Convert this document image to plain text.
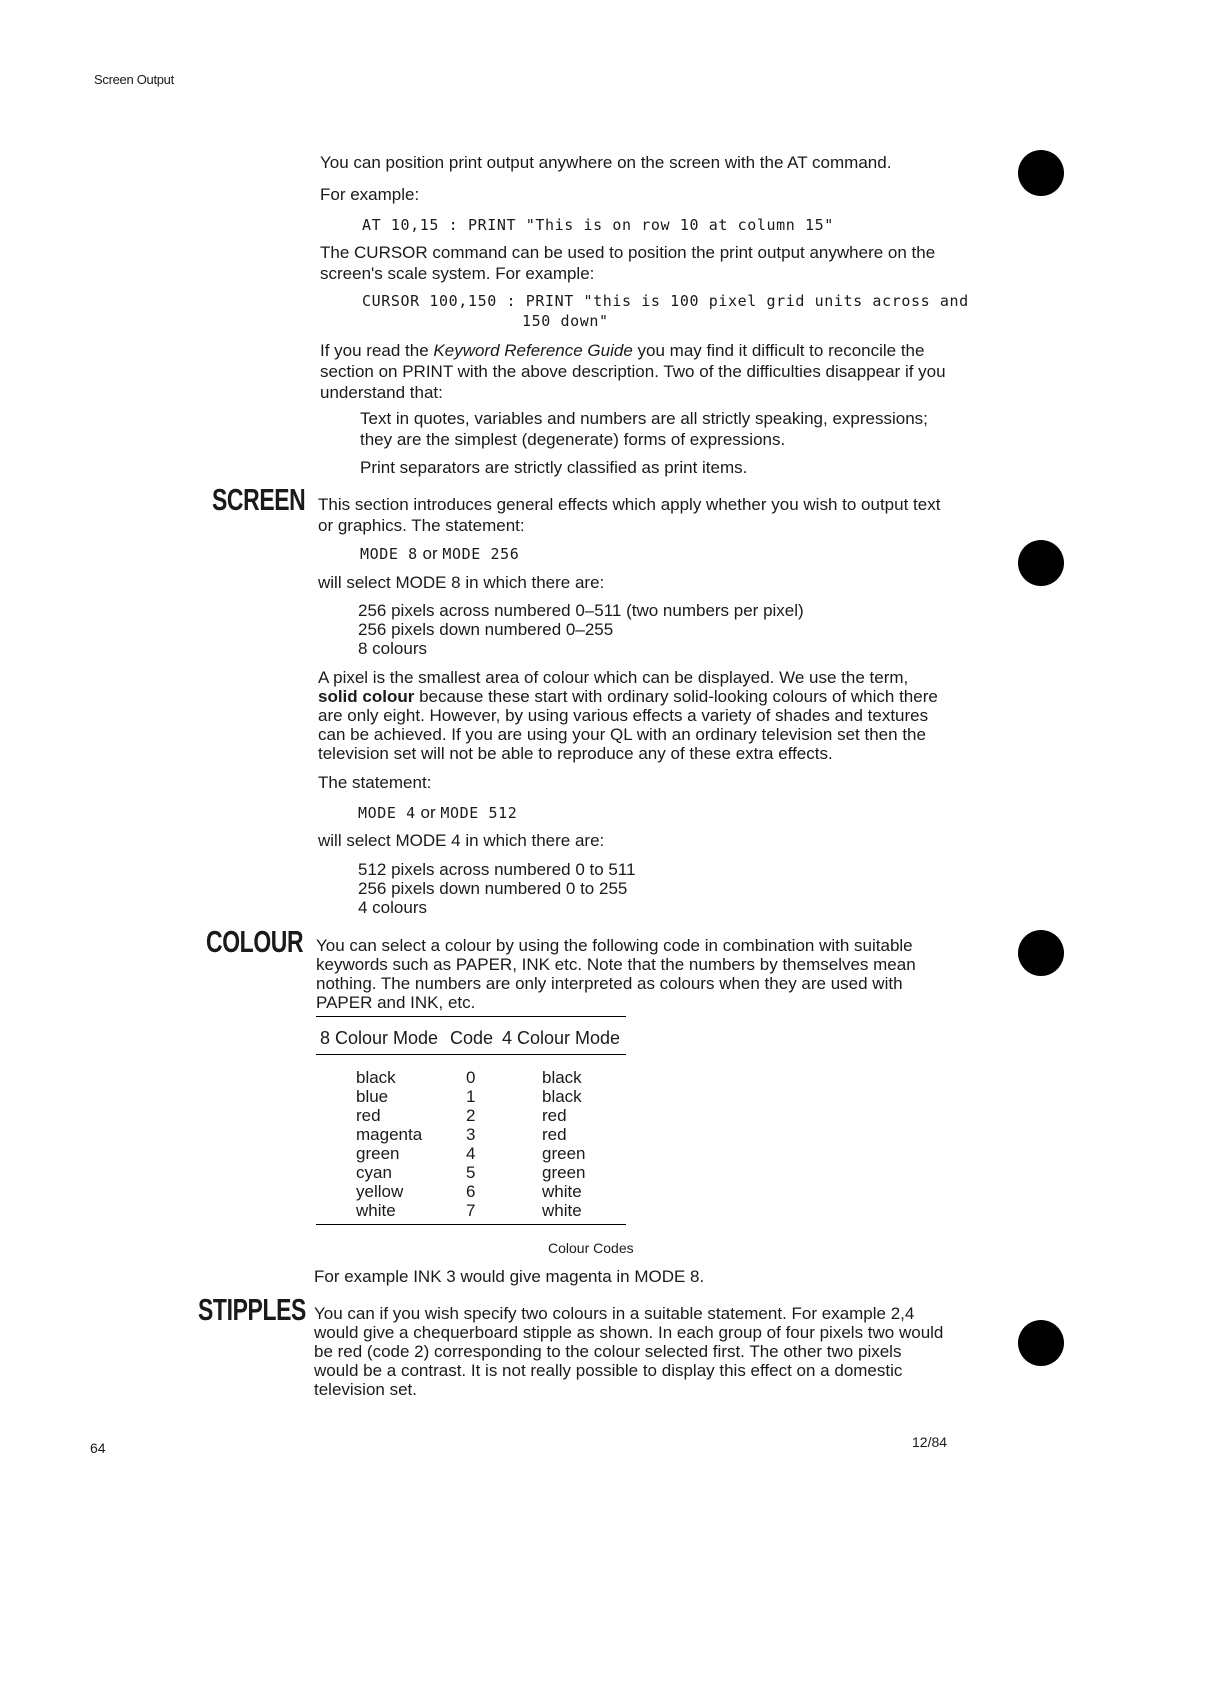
Screen Output
You can position print output anywhere on the screen with the AT command.
For example:
AT 10,15 : PRINT "This is on row 10 at column 15"
The CURSOR command can be used to position the print output anywhere on the screen's scale system. For example:
CURSOR 100,150 : PRINT "this is 100 pixel grid units across and
150 down"
If you read the Keyword Reference Guide you may find it difficult to reconcile the section on PRINT with the above description. Two of the difficulties disappear if you understand that:
Text in quotes, variables and numbers are all strictly speaking, expressions; they are the simplest (degenerate) forms of expressions.
Print separators are strictly classified as print items.
SCREEN This section introduces general effects which apply whether you wish to output text or graphics. The statement:
MODE 8 or MODE 256
will select MODE 8 in which there are:
256 pixels across numbered 0–511 (two numbers per pixel)
256 pixels down numbered 0–255
8 colours
A pixel is the smallest area of colour which can be displayed. We use the term, solid colour because these start with ordinary solid-looking colours of which there are only eight. However, by using various effects a variety of shades and textures can be achieved. If you are using your QL with an ordinary television set then the television set will not be able to reproduce any of these extra effects.
The statement:
MODE 4 or MODE 512
will select MODE 4 in which there are:
512 pixels across numbered 0 to 511
256 pixels down numbered 0 to 255
4 colours
COLOUR You can select a colour by using the following code in combination with suitable keywords such as PAPER, INK etc. Note that the numbers by themselves mean nothing. The numbers are only interpreted as colours when they are used with PAPER and INK, etc.
8 Colour Mode Code 4 Colour Mode
black	0	black
blue	1	black
red	2	red
magenta	3	red
green	4	green
cyan	5	green
yellow	6	white
white	7	white
Colour Codes
For example INK 3 would give magenta in MODE 8.
STIPPLES You can if you wish specify two colours in a suitable statement. For example 2,4 would give a chequerboard stipple as shown. In each group of four pixels two would be red (code 2) corresponding to the colour selected first. The other two pixels would be a contrast. It is not really possible to display this effect on a domestic television set.
64	12/84
